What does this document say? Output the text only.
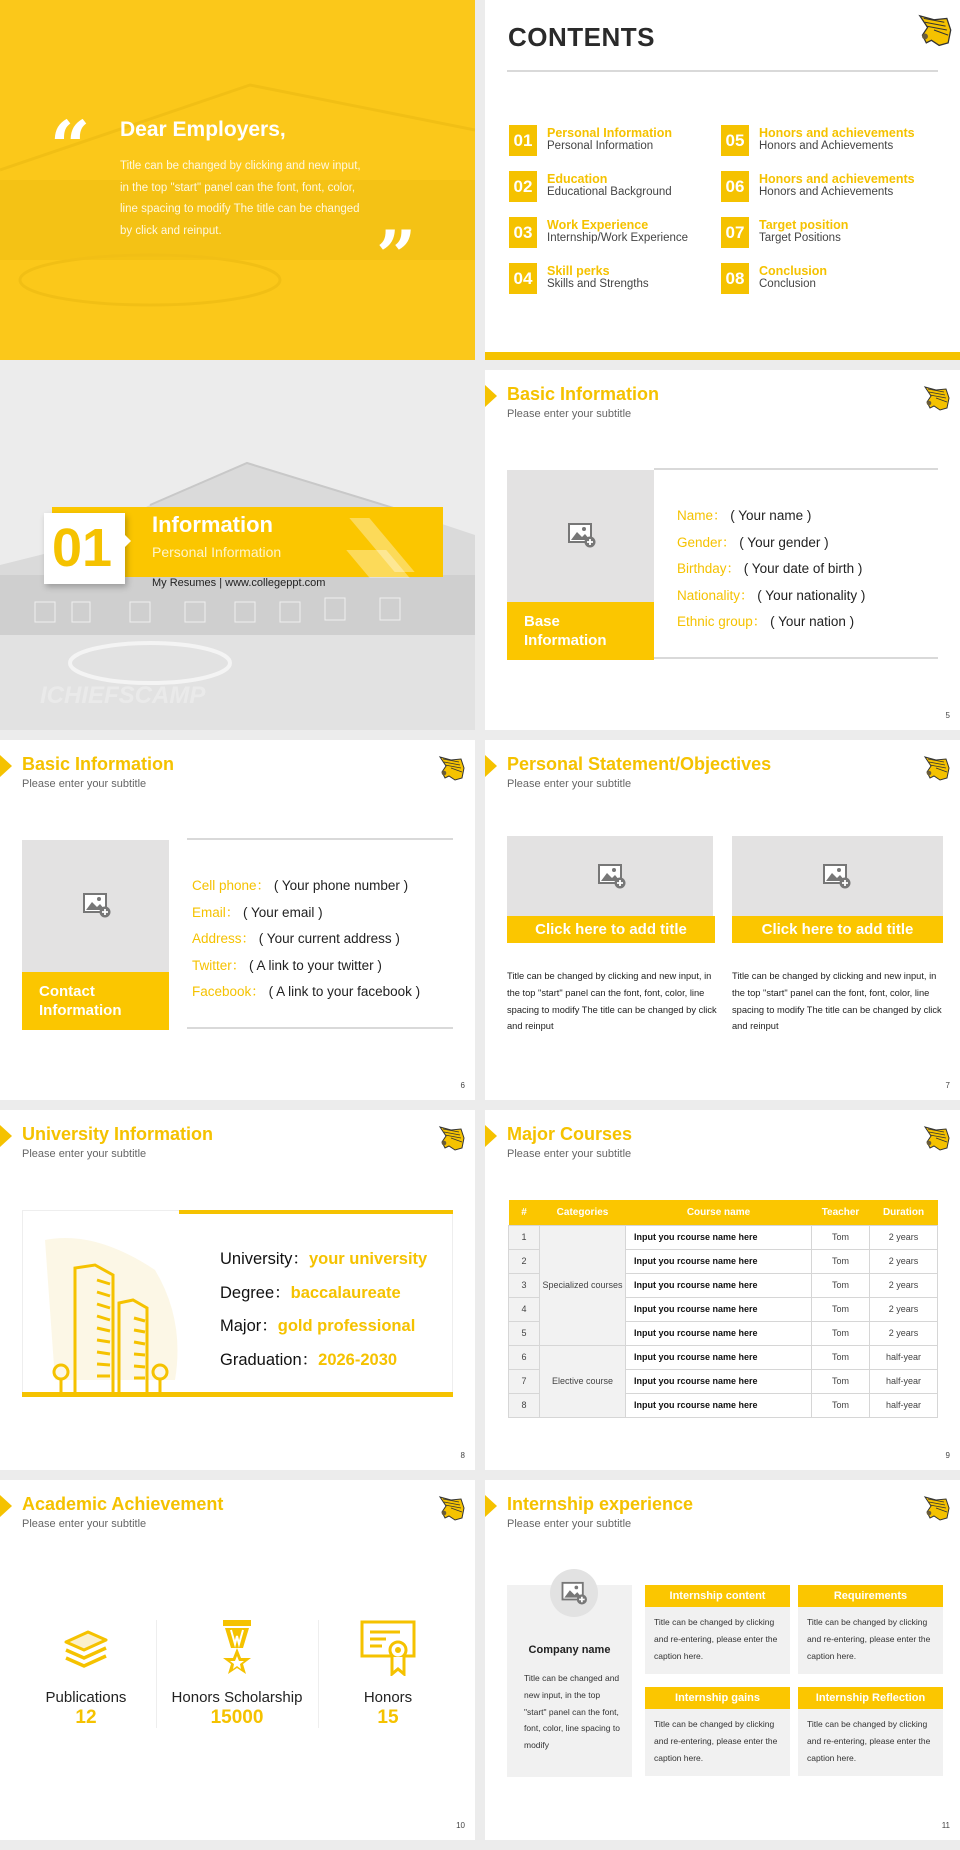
“ Dear Employers,
Title can be changed by clicking and new input, in the top "start" panel can the font, font, color, line spacing to modify The title can be changed by click and reinput.	”
CONTENTS
01	Personal Information
Personal Information
02	Education
Educational Background
03	Work Experience
Internship/Work Experience
04	Skill perks
Skills and Strengths
05	Honors and achievements
Honors and Achievements
06	Honors and achievements
Honors and Achievements
07	Target position
Target Positions
08	Conclusion
Conclusion
ICHIEFSCAMP
01 Information
Personal Information
My Resumes | www.collegeppt.com
Basic Information
Please enter your subtitle
Base
Information
Name： ( Your name )
Gender： ( Your gender )
Birthday： ( Your date of birth )
Nationality： ( Your nationality )
Ethnic group： ( Your nation )
5
Basic Information
Please enter your subtitle
Contact
Information
Cell phone： ( Your phone number )
Email： ( Your email )
Address： ( Your current address )
Twitter： ( A link to your twitter )
Facebook： ( A link to your facebook )
6
Personal Statement/Objectives
Please enter your subtitle
Click here to add title
Title can be changed by clicking and new input, in the top "start" panel can the font, font, color, line spacing to modify The title can be changed by click and reinput
Click here to add title
Title can be changed by clicking and new input, in the top "start" panel can the font, font, color, line spacing to modify The title can be changed by click and reinput
7
University Information
Please enter your subtitle
University：your university
Degree：baccalaureate
Major：gold professional
Graduation：2026-2030
8
Major Courses
Please enter your subtitle
#	Categories	Course name	Teacher	Duration
1	Specialized courses	Input you rcourse name here	Tom	2 years
2		Input you rcourse name here	Tom	2 years
3		Input you rcourse name here	Tom	2 years
4		Input you rcourse name here	Tom	2 years
5		Input you rcourse name here	Tom	2 years
6	Elective course	Input you rcourse name here	Tom	half-year
7		Input you rcourse name here	Tom	half-year
8		Input you rcourse name here	Tom	half-year
9
Academic Achievement
Please enter your subtitle
Publications
12
Honors Scholarship
15000
Honors
15
10
Internship experience
Please enter your subtitle
Company name
Title can be changed and new input, in the top "start" panel can the font, font, color, line spacing to modify
Internship content
Title can be changed by clicking and re-entering, please enter the caption here.
Requirements
Title can be changed by clicking and re-entering, please enter the caption here.
Internship gains
Title can be changed by clicking and re-entering, please enter the caption here.
Internship Reflection
Title can be changed by clicking and re-entering, please enter the caption here.
11
